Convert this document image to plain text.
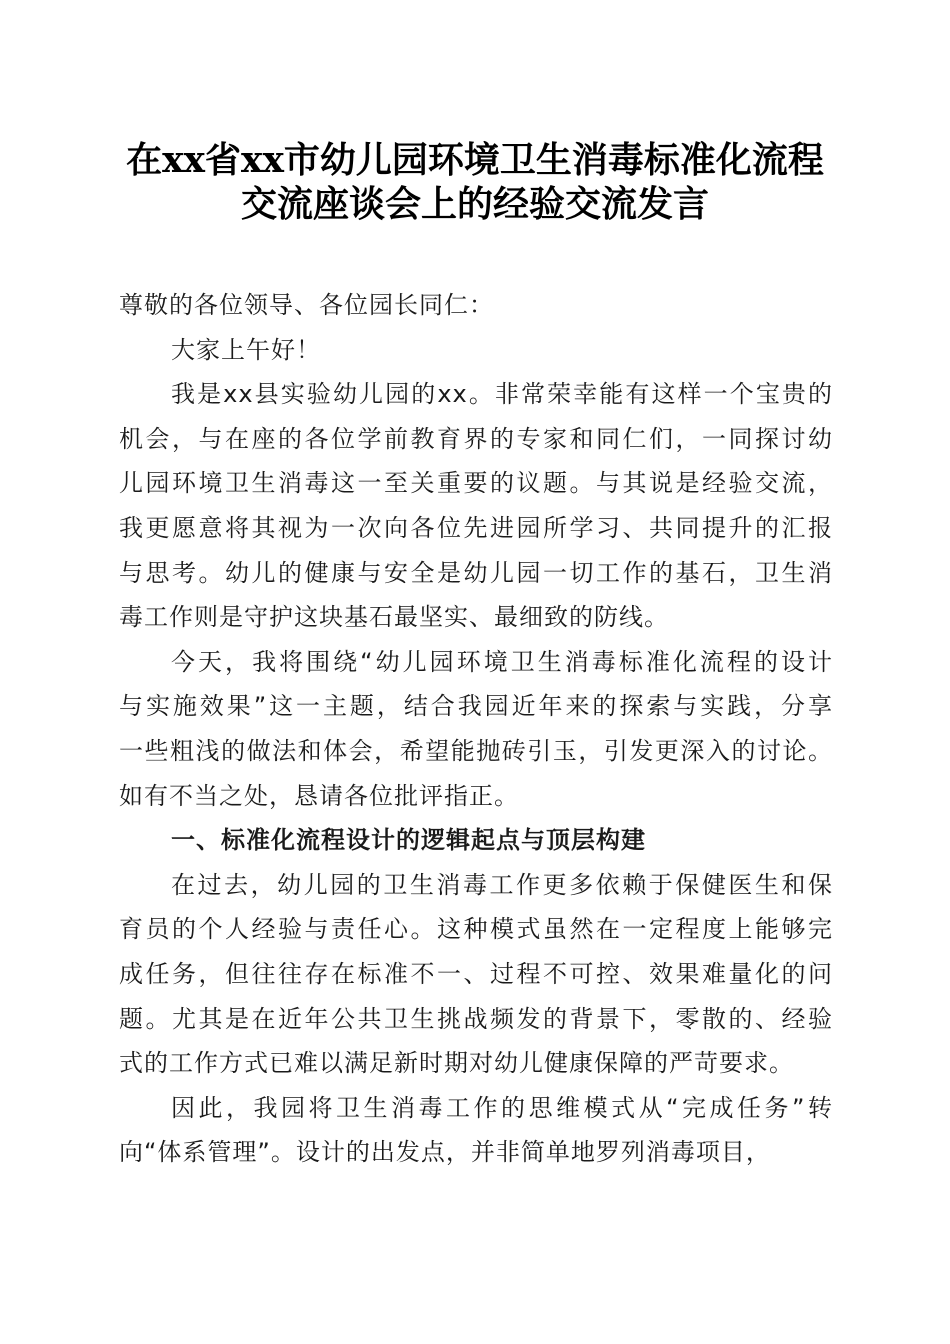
在xx省xx市幼儿园环境卫生消毒标准化流程
交流座谈会上的经验交流发言
尊敬的各位领导、各位园长同仁：
大家上午好！
我是xx县实验幼儿园的xx。非常荣幸能有这样一个宝贵的
机会，与在座的各位学前教育界的专家和同仁们，一同探讨幼
儿园环境卫生消毒这一至关重要的议题。与其说是经验交流，
我更愿意将其视为一次向各位先进园所学习、共同提升的汇报
与思考。幼儿的健康与安全是幼儿园一切工作的基石，卫生消
毒工作则是守护这块基石最坚实、最细致的防线。
今天，我将围绕“幼儿园环境卫生消毒标准化流程的设计
与实施效果”这一主题，结合我园近年来的探索与实践，分享
一些粗浅的做法和体会，希望能抛砖引玉，引发更深入的讨论。
如有不当之处，恳请各位批评指正。
一、标准化流程设计的逻辑起点与顶层构建
在过去，幼儿园的卫生消毒工作更多依赖于保健医生和保
育员的个人经验与责任心。这种模式虽然在一定程度上能够完
成任务，但往往存在标准不一、过程不可控、效果难量化的问
题。尤其是在近年公共卫生挑战频发的背景下，零散的、经验
式的工作方式已难以满足新时期对幼儿健康保障的严苛要求。
因此，我园将卫生消毒工作的思维模式从“完成任务”转
向“体系管理”。设计的出发点，并非简单地罗列消毒项目，
